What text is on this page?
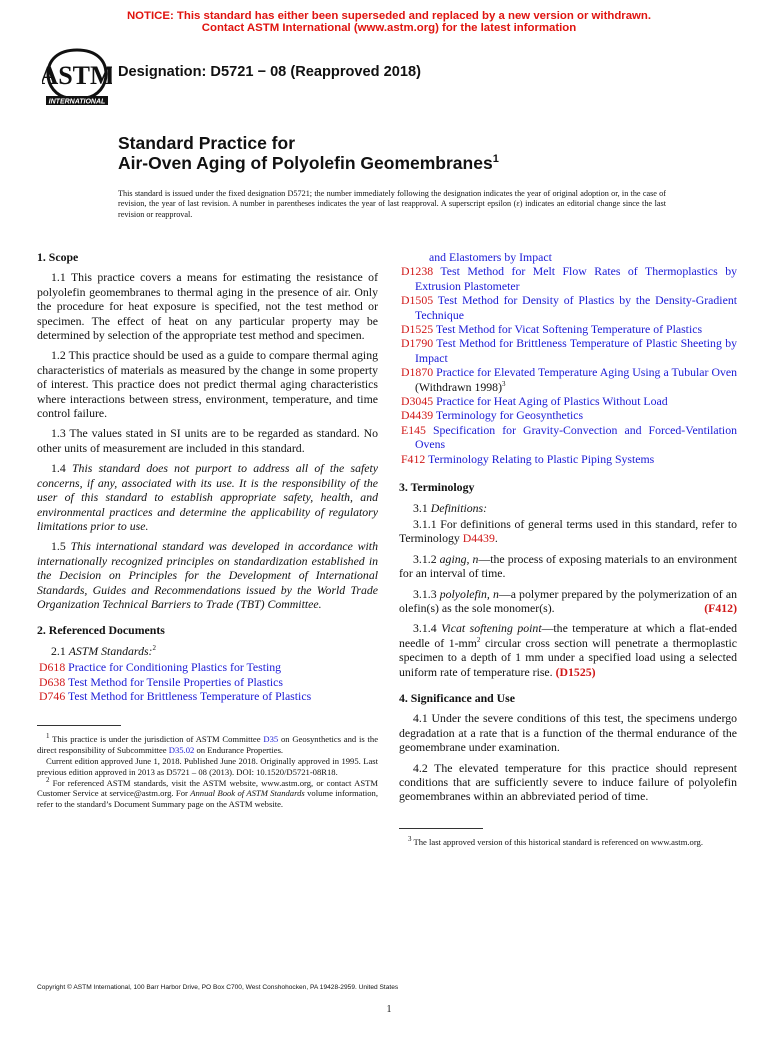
NOTICE: This standard has either been superseded and replaced by a new version or withdrawn.
Contact ASTM International (www.astm.org) for the latest information
ASTM
INTERNATIONAL
Designation: D5721 − 08 (Reapproved 2018)
Standard Practice for
Air-Oven Aging of Polyolefin Geomembranes$^1$
This standard is issued under the fixed designation D5721; the number immediately following the designation indicates the year of original adoption or, in the case of revision, the year of last revision. A number in parentheses indicates the year of last reapproval. A superscript epsilon (ε) indicates an editorial change since the last revision or reapproval.
1. Scope

1.1 This practice covers a means for estimating the resistance of polyolefin geomembranes to thermal aging in the presence of air. Only the procedure for heat exposure is specified, not the test method or specimen. The effect of heat on any particular property may be determined by selection of the appropriate test method and specimen.

1.2 This practice should be used as a guide to compare thermal aging characteristics of materials as measured by the change in some property of interest. This practice does not predict thermal aging characteristics where interactions between stress, environment, temperature, and time control failure.

1.3 The values stated in SI units are to be regarded as standard. No other units of measurement are included in this standard.

1.4 This standard does not purport to address all of the safety concerns, if any, associated with its use. It is the responsibility of the user of this standard to establish appropriate safety, health, and environmental practices and determine the applicability of regulatory limitations prior to use.

1.5 This international standard was developed in accordance with internationally recognized principles on standardization established in the Decision on Principles for the Development of International Standards, Guides and Recommendations issued by the World Trade Organization Technical Barriers to Trade (TBT) Committee.

2. Referenced Documents

2.1 ASTM Standards:$^2$

D618 Practice for Conditioning Plastics for Testing
D638 Test Method for Tensile Properties of Plastics
D746 Test Method for Brittleness Temperature of Plastics
$^1$ This practice is under the jurisdiction of ASTM Committee D35 on Geosynthetics and is the direct responsibility of Subcommittee D35.02 on Endurance Properties.
Current edition approved June 1, 2018. Published June 2018. Originally approved in 1995. Last previous edition approved in 2013 as D5721 – 08 (2013). DOI: 10.1520/D5721-08R18.
$^2$ For referenced ASTM standards, visit the ASTM website, www.astm.org, or contact ASTM Customer Service at service@astm.org. For Annual Book of ASTM Standards volume information, refer to the standard’s Document Summary page on the ASTM website.
and Elastomers by Impact
D1238 Test Method for Melt Flow Rates of Thermoplastics by Extrusion Plastometer
D1505 Test Method for Density of Plastics by the Density-Gradient Technique
D1525 Test Method for Vicat Softening Temperature of Plastics
D1790 Test Method for Brittleness Temperature of Plastic Sheeting by Impact
D1870 Practice for Elevated Temperature Aging Using a Tubular Oven (Withdrawn 1998)$^3$
D3045 Practice for Heat Aging of Plastics Without Load
D4439 Terminology for Geosynthetics
E145 Specification for Gravity-Convection and Forced-Ventilation Ovens
F412 Terminology Relating to Plastic Piping Systems
3. Terminology

3.1 Definitions:

3.1.1 For definitions of general terms used in this standard, refer to Terminology D4439.

3.1.2 aging, n—the process of exposing materials to an environment for an interval of time.

3.1.3 polyolefin, n—a polymer prepared by the polymerization of an olefin(s) as the sole monomer(s).	(F412)

3.1.4 Vicat softening point—the temperature at which a flat-ended needle of $1-mm^2$ circular cross section will penetrate a thermoplastic specimen to a depth of 1 mm under a specified load using a selected uniform rate of temperature rise. (D1525)

4. Significance and Use

4.1 Under the severe conditions of this test, the specimens undergo degradation at a rate that is a function of the thermal endurance of the geomembrane under examination.

4.2 The elevated temperature for this practice should represent conditions that are sufficiently severe to induce failure of polyolefin geomembranes within an abbreviated period of time.

$^3$ The last approved version of this historical standard is referenced on www.astm.org.
Copyright © ASTM International, 100 Barr Harbor Drive, PO Box C700, West Conshohocken, PA 19428-2959. United States
1
